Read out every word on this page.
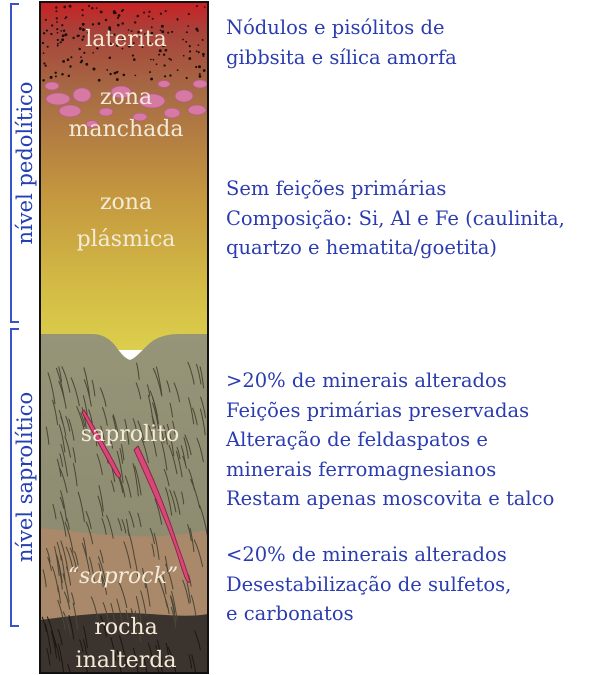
laterita
zona
manchada
zona
plásmica
saprolito
“saprock”
rocha
inalterda
nível pedolítico
nível saprolítico
Nódulos e pisólitos de
gibbsita e sílica amorfa
Sem feições primárias
Composição: Si, Al e Fe (caulinita,
quartzo e hematita/goetita)
>20% de minerais alterados
Feições primárias preservadas
Alteração de feldaspatos e
minerais ferromagnesianos
Restam apenas moscovita e talco
<20% de minerais alterados
Desestabilização de sulfetos,
e carbonatos
